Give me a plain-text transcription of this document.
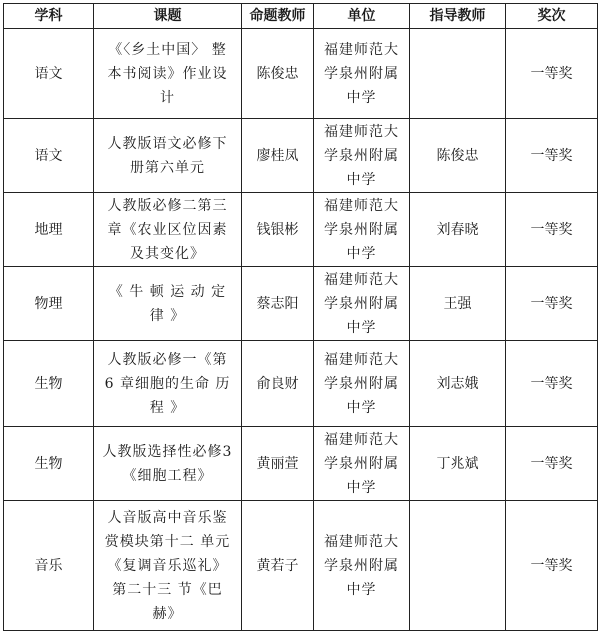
学科	课题	命题教师	单位	指导教师	奖次
语文	《〈乡土中国〉 整本书阅读》作业设计	陈俊忠	福建师范大学泉州附属中学		一等奖
语文	人教版语文必修下册第六单元	廖桂凤	福建师范大学泉州附属中学	陈俊忠	一等奖
地理	人教版必修二第三章《农业区位因素及其变化》	钱银彬	福建师范大学泉州附属中学	刘春晓	一等奖
物理	《 牛 顿 运 动 定 律 》	蔡志阳	福建师范大学泉州附属中学	王强	一等奖
生物	人教版必修一《第 6 章细胞的生命 历 程 》	俞良财	福建师范大学泉州附属中学	刘志娥	一等奖
生物	人教版选择性必修3《细胞工程》	黄丽萱	福建师范大学泉州附属中学	丁兆斌	一等奖
音乐	人音版高中音乐鉴赏模块第十二 单元《复调音乐巡礼》第二十三 节《巴赫》	黄若子	福建师范大学泉州附属中学		一等奖
